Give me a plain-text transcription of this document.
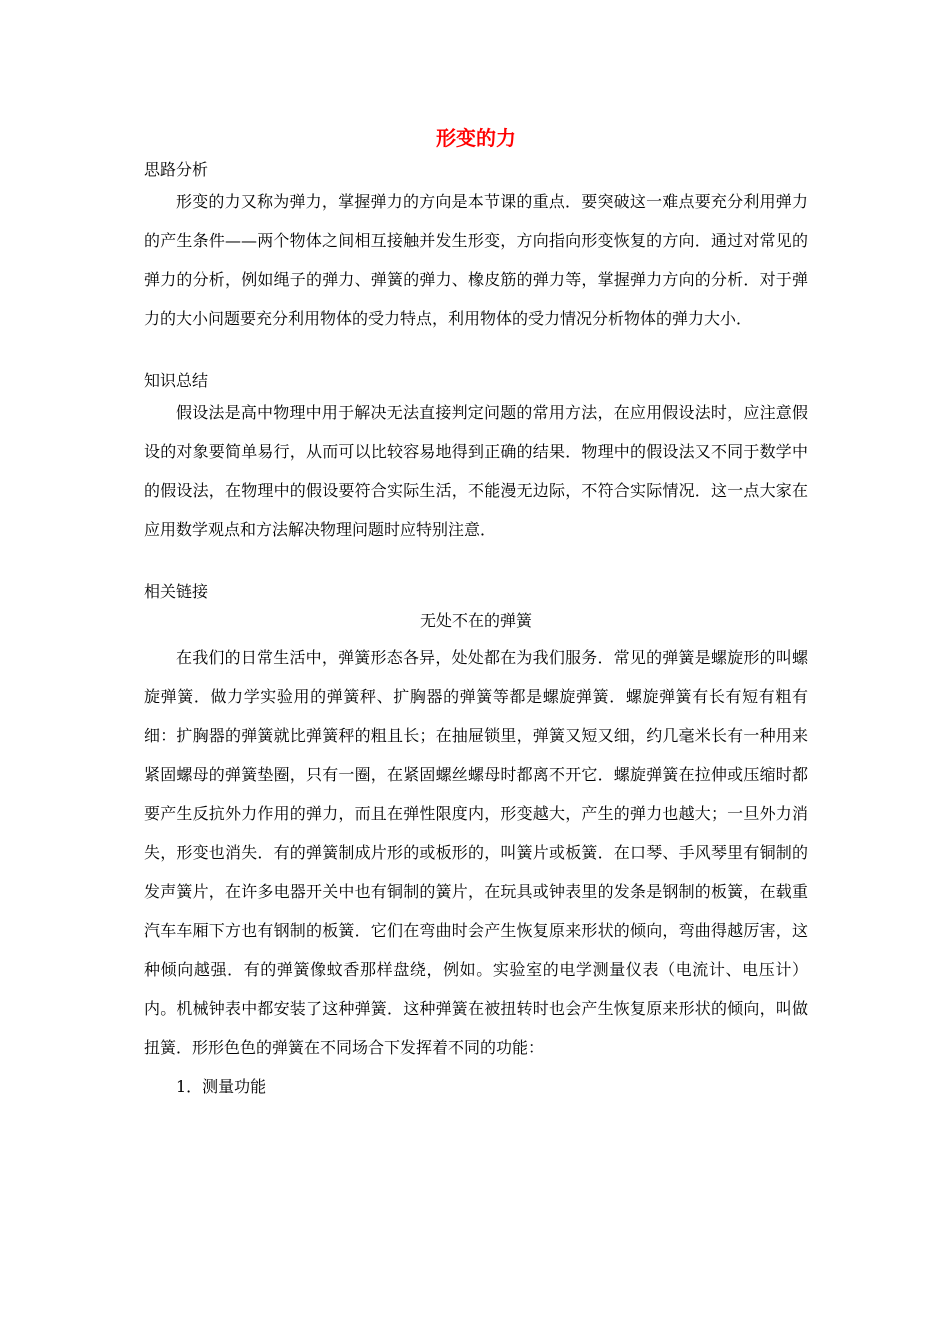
形变的力
思路分析

形变的力又称为弹力，掌握弹力的方向是本节课的重点．要突破这一难点要充分利用弹力的产生条件——两个物体之间相互接触并发生形变，方向指向形变恢复的方向．通过对常见的弹力的分析，例如绳子的弹力、弹簧的弹力、橡皮筋的弹力等，掌握弹力方向的分析．对于弹力的大小问题要充分利用物体的受力特点，利用物体的受力情况分析物体的弹力大小．

知识总结

假设法是高中物理中用于解决无法直接判定问题的常用方法，在应用假设法时，应注意假设的对象要简单易行，从而可以比较容易地得到正确的结果．物理中的假设法又不同于数学中的假设法，在物理中的假设要符合实际生活，不能漫无边际，不符合实际情况．这一点大家在应用数学观点和方法解决物理问题时应特别注意．

相关链接
无处不在的弹簧

在我们的日常生活中，弹簧形态各异，处处都在为我们服务．常见的弹簧是螺旋形的叫螺旋弹簧．做力学实验用的弹簧秤、扩胸器的弹簧等都是螺旋弹簧．螺旋弹簧有长有短有粗有细：扩胸器的弹簧就比弹簧秤的粗且长；在抽屉锁里，弹簧又短又细，约几毫米长有一种用来紧固螺母的弹簧垫圈，只有一圈，在紧固螺丝螺母时都离不开它．螺旋弹簧在拉伸或压缩时都要产生反抗外力作用的弹力，而且在弹性限度内，形变越大，产生的弹力也越大；一旦外力消失，形变也消失．有的弹簧制成片形的或板形的，叫簧片或板簧．在口琴、手风琴里有铜制的发声簧片，在许多电器开关中也有铜制的簧片，在玩具或钟表里的发条是钢制的板簧，在载重汽车车厢下方也有钢制的板簧．它们在弯曲时会产生恢复原来形状的倾向，弯曲得越厉害，这种倾向越强．有的弹簧像蚊香那样盘绕，例如。实验室的电学测量仪表（电流计、电压计）内。机械钟表中都安装了这种弹簧．这种弹簧在被扭转时也会产生恢复原来形状的倾向，叫做扭簧．形形色色的弹簧在不同场合下发挥着不同的功能：

1．测量功能
